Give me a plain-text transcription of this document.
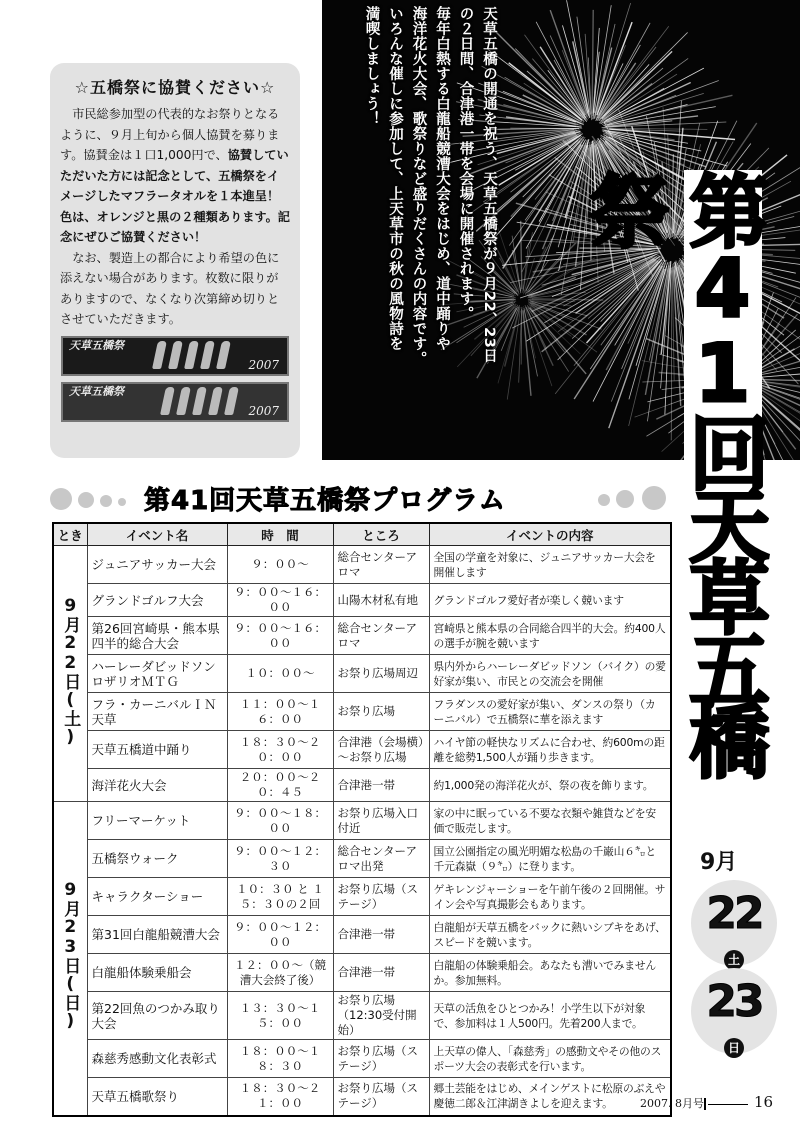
☆五橋祭に協賛ください☆

市民総参加型の代表的なお祭りとなるように、９月上旬から個人協賛を募ります。協賛金は１口1,000円で、協賛していただいた方には記念として、五橋祭をイメージしたマフラータオルを１本進呈！色は、オレンジと黒の２種類あります。記念にぜひご協賛ください！

なお、製造上の都合により希望の色に添えない場合があります。枚数に限りがありますので、なくなり次第締め切りとさせていただきます。

天草五橋祭
2007
天草五橋祭
2007
天草五橋の開通を祝う、天草五橋祭が９月22、23日
の２日間、合津港一帯を会場に開催されます。
毎年白熱する白龍船競漕大会をはじめ、道中踊りや
海洋花火大会、歌祭りなど盛りだくさんの内容です。
いろんな催しに参加して、上天草市の秋の風物詩を
満喫しましょう！
第41回天草五橋祭
9月
22
土
23
日
第41回天草五橋祭プログラム
とき	イベント名	時　間	ところ	イベントの内容
9月22日(土)	ジュニアサッカー大会	９：００～	総合センターアロマ	全国の学童を対象に、ジュニアサッカー大会を開催します
	グランドゴルフ大会	９：００～１６：００	山陽木材私有地	グランドゴルフ愛好者が楽しく競います
	第26回宮崎県・熊本県四半的総合大会	９：００～１６：００	総合センターアロマ	宮崎県と熊本県の合同総合四半的大会。約400人の選手が腕を競います
	ハーレーダビッドソンロザリオＭＴＧ	１０：００～	お祭り広場周辺	県内外からハーレーダビッドソン（バイク）の愛好家が集い、市民との交流会を開催
	フラ・カーニバルＩＮ天草	１１：００～１６：００	お祭り広場	フラダンスの愛好家が集い、ダンスの祭り（カーニバル）で五橋祭に華を添えます
	天草五橋道中踊り	１８：３０～２０：００	合津港（会場横）～お祭り広場	ハイヤ節の軽快なリズムに合わせ、約600mの距離を総勢1,500人が踊り歩きます。
	海洋花火大会	２０：００～２０：４５	合津港一帯	約1,000発の海洋花火が、祭の夜を飾ります。
9月23日(日)	フリーマーケット	９：００～１８：００	お祭り広場入口付近	家の中に眠っている不要な衣類や雑貨などを安価で販売します。
	五橋祭ウォーク	９：００～１２：３０	総合センターアロマ出発	国立公園指定の風光明媚な松島の千巌山６㌔と千元森嶽（９㌔）に登ります。
	キャラクターショー	１０：３０ と １５：３０の２回	お祭り広場（ステージ）	ゲキレンジャーショーを午前午後の２回開催。サイン会や写真撮影会もあります。
	第31回白龍船競漕大会	９：００～１２：００	合津港一帯	白龍船が天草五橋をバックに熱いシブキをあげ、スピードを競います。
	白龍船体験乗船会	１２：００～（競漕大会終了後）	合津港一帯	白龍船の体験乗船会。あなたも漕いでみませんか。参加無料。
	第22回魚のつかみ取り大会	１３：３０～１５：００	お祭り広場（12:30受付開始）	天草の活魚をひとつかみ！小学生以下が対象で、参加料は１人500円。先着200人まで。
	森慈秀感動文化表彰式	１８：００～１８：３０	お祭り広場（ステージ）	上天草の偉人、「森慈秀」の感動文やその他のスポーツ大会の表彰式を行います。
	天草五橋歌祭り	１８：３０～２１：００	お祭り広場（ステージ）	郷土芸能をはじめ、メインゲストに松原のぶえや慶徳二郎＆江津湖きよしを迎えます。 2007. 8月号	16
